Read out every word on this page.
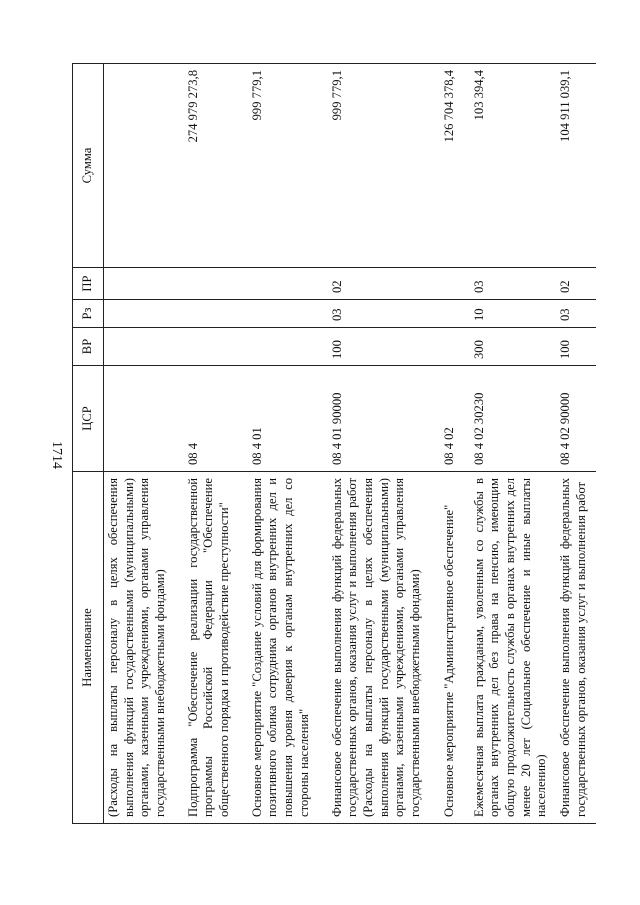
1714
Наименование	ЦСР	ВР	Рз	ПР	Сумма
(Расходы на выплаты персоналу в целях обеспечения выполнения функций государственными (муниципальными) органами, казенными учреждениями, органами управления государственными внебюджетными фондами)					
Подпрограмма "Обеспечение реализации государственной программы Российской Федерации "Обеспечение общественного порядка и противодействие преступности"	08 4				274 979 273,8
Основное мероприятие "Создание условий для формирования позитивного облика сотрудника органов внутренних дел и повышения уровня доверия к органам внутренних дел со стороны населения"	08 4 01				999 779,1
Финансовое обеспечение выполнения функций федеральных государственных органов, оказания услуг и выполнения работ (Расходы на выплаты персоналу в целях обеспечения выполнения функций государственными (муниципальными) органами, казенными учреждениями, органами управления государственными внебюджетными фондами)	08 4 01 90000	100	03	02	999 779,1
Основное мероприятие "Административное обеспечение"	08 4 02				126 704 378,4
Ежемесячная выплата гражданам, уволенным со службы в органах внутренних дел без права на пенсию, имеющим общую продолжительность службы в органах внутренних дел менее 20 лет (Социальное обеспечение и иные выплаты населению)	08 4 02 30230	300	10	03	103 394,4
Финансовое обеспечение выполнения функций федеральных государственных органов, оказания услуг и выполнения работ	08 4 02 90000	100	03	02	104 911 039,1
